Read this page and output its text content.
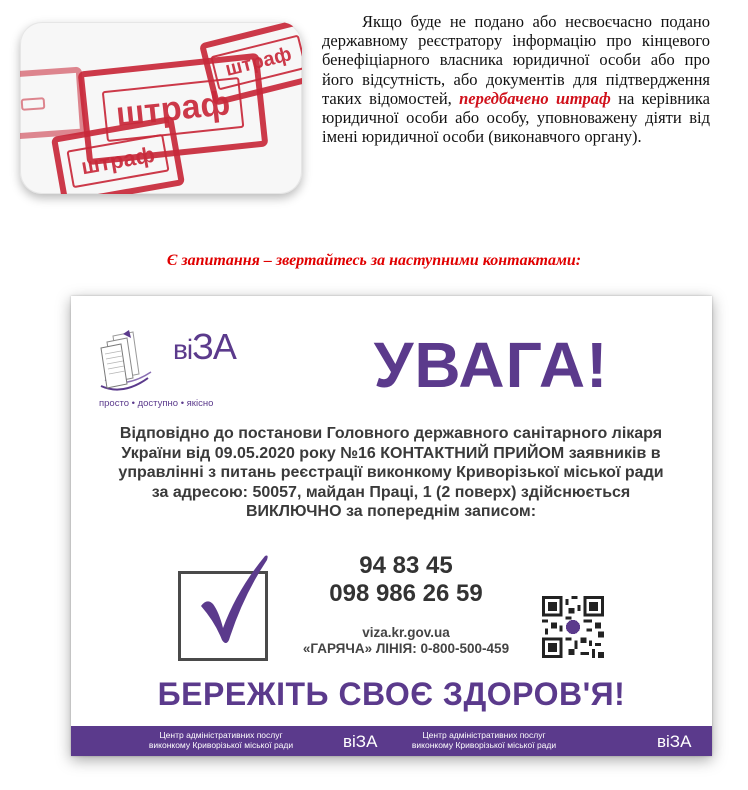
штраф
штраф
штраф

Якщо буде не подано або несвоєчасно подано державному реєстратору інформацію про кінцевого бенефіціарного власника юридичної особи або про його відсутність, або документів для підтвердження таких відомостей, передбачено штраф на керівника юридичної особи або особу, уповноважену діяти від імені юридичної особи (виконавчого органу).

Є запитання – звертайтесь за наступними контактами:

віЗА
просто • доступно • якісно
УВАГА!
Відповідно до постанови Головного державного санітарного лікаря
України від 09.05.2020 року №16 КОНТАКТНИЙ ПРИЙОМ заявників в
управлінні з питань реєстрації виконкому Криворізької міської ради
за адресою: 50057, майдан Праці, 1 (2 поверх) здійснюється
ВИКЛЮЧНО за попереднім записом:
94 83 45
098 986 26 59
viza.kr.gov.ua
«ГАРЯЧА» ЛІНІЯ: 0-800-500-459
БЕРЕЖІТЬ СВОЄ ЗДОРОВ'Я!
Центр адміністративних послуг
виконкому Криворізької міської ради	вiЗА	Центр адміністративних послуг
виконкому Криворізької міської ради	вiЗА
